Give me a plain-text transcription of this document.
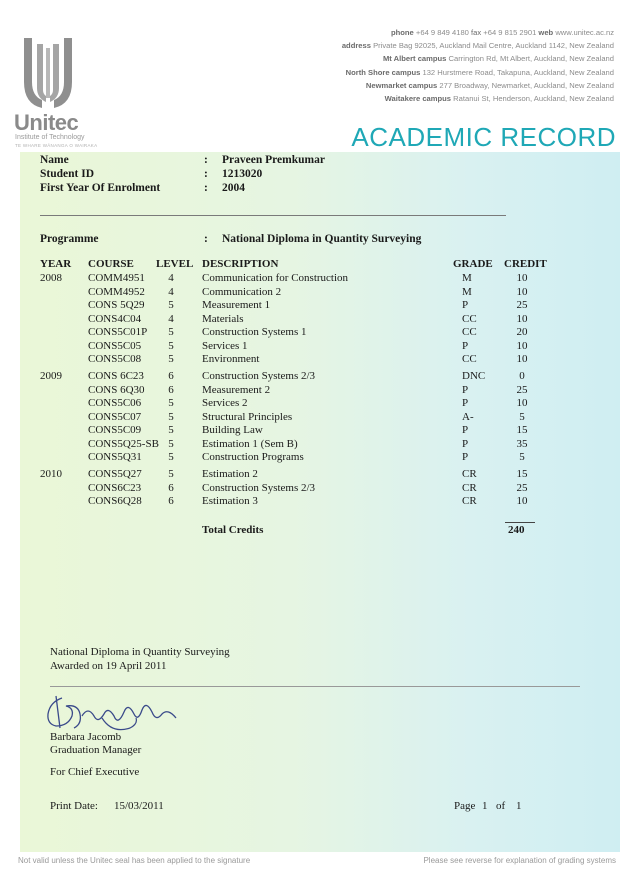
Unitec
Institute of Technology
TE WHARE WĀNANGA O WAIRAKA
phone +64 9 849 4180 fax +64 9 815 2901 web www.unitec.ac.nz
address Private Bag 92025, Auckland Mail Centre, Auckland 1142, New Zealand
Mt Albert campus Carrington Rd, Mt Albert, Auckland, New Zealand
North Shore campus 132 Hurstmere Road, Takapuna, Auckland, New Zealand
Newmarket campus 277 Broadway, Newmarket, Auckland, New Zealand
Waitakere campus Ratanui St, Henderson, Auckland, New Zealand
ACADEMIC RECORD
Name	: Praveen Premkumar
Student ID	: 1213020
First Year Of Enrolment	: 2004
Programme	: National Diploma in Quantity Surveying
YEAR COURSE LEVEL DESCRIPTION	GRADE CREDIT
2008 COMM4951	4	Communication for Construction	M	10
COMM4952	4	Communication 2	M	10
CONS 5Q29	5	Measurement 1	P	25
CONS4C04	4	Materials	CC	10
CONS5C01P	5	Construction Systems 1	CC	20
CONS5C05	5	Services 1	P	10
CONS5C08	5	Environment	CC	10
2009 CONS 6C23	6	Construction Systems 2/3	DNC	0
CONS 6Q30	6	Measurement 2	P	25
CONS5C06	5	Services 2	P	10
CONS5C07	5	Structural Principles	A-	5
CONS5C09	5	Building Law	P	15
CONS5Q25-SB 5	Estimation 1 (Sem B)	P	35
CONS5Q31	5	Construction Programs	P	5
2010 CONS5Q27	5	Estimation 2	CR	15
CONS6C23	6	Construction Systems 2/3	CR	25
CONS6Q28	6	Estimation 3	CR	10
Total Credits	240
National Diploma in Quantity Surveying
Awarded on 19 April 2011
Barbara Jacomb
Graduation Manager
For Chief Executive
Print Date: 15/03/2011	Page 1 of 1
Not valid unless the Unitec seal has been applied to the signature	Please see reverse for explanation of grading systems
